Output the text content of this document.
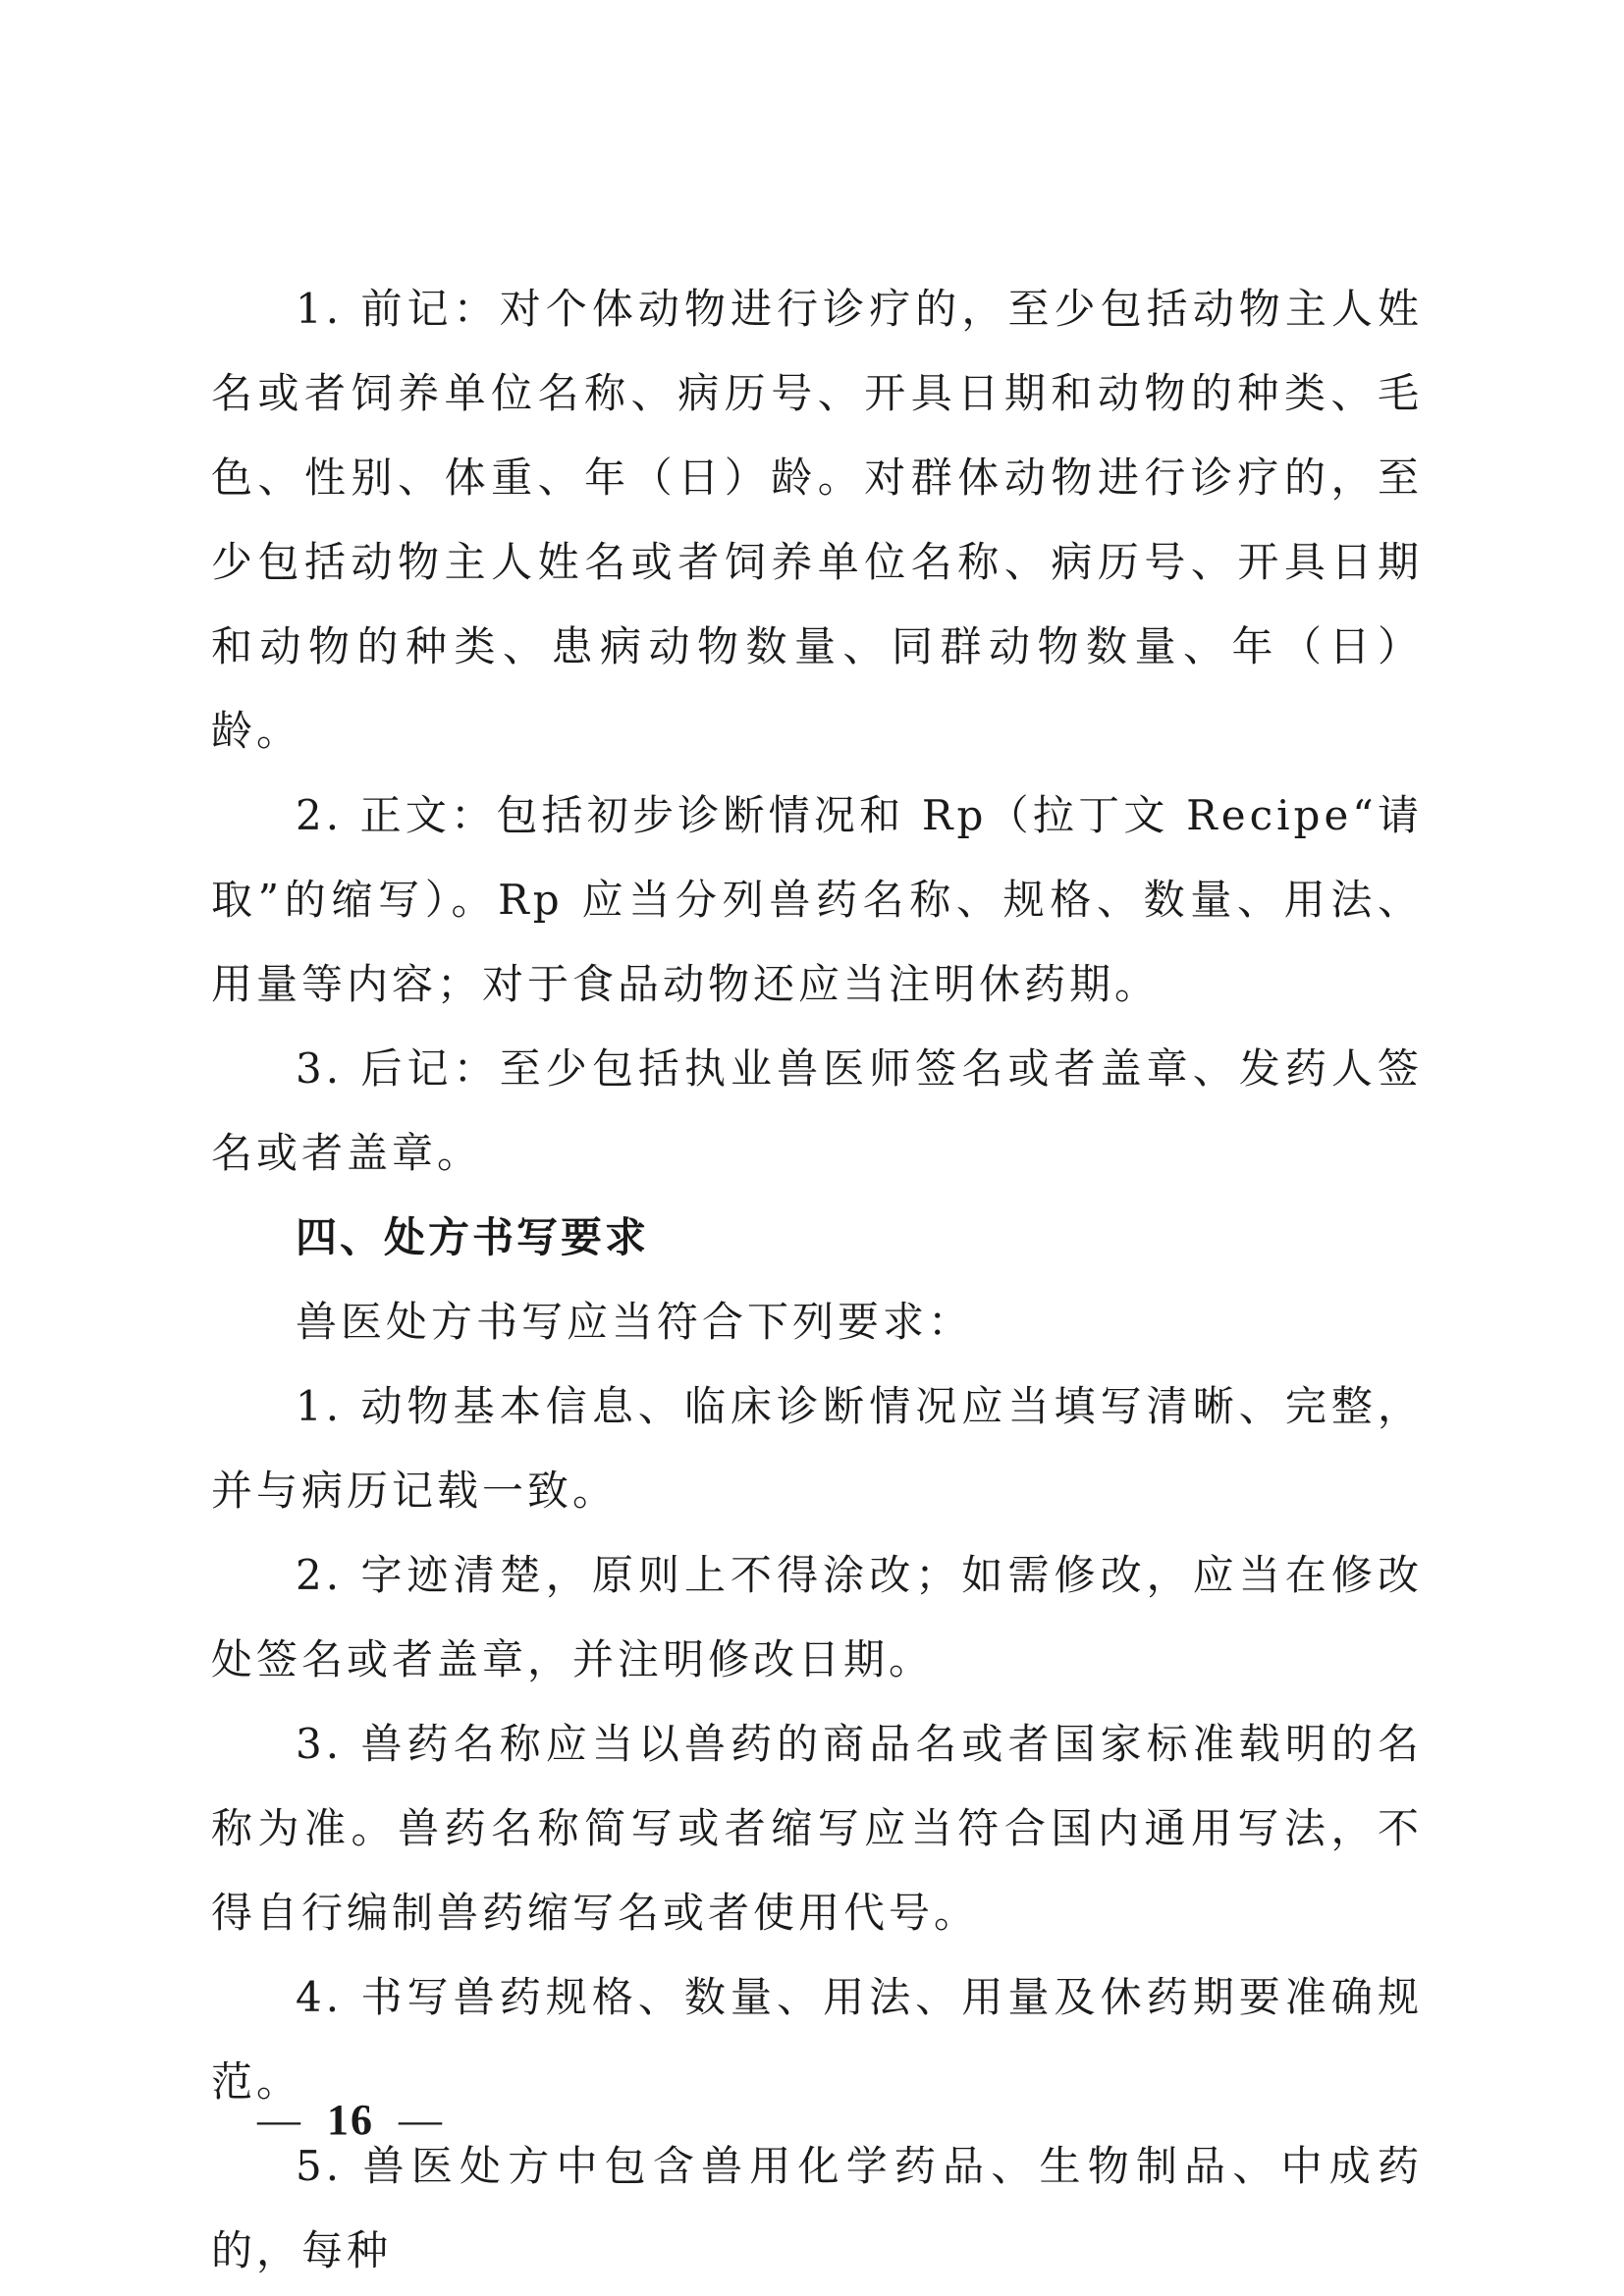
1. 前记：对个体动物进行诊疗的，至少包括动物主人姓名或者饲养单位名称、病历号、开具日期和动物的种类、毛色、性别、体重、年（日）龄。对群体动物进行诊疗的，至少包括动物主人姓名或者饲养单位名称、病历号、开具日期和动物的种类、患病动物数量、同群动物数量、年（日）龄。

2. 正文：包括初步诊断情况和 Rp（拉丁文 Recipe“请取”的缩写）。Rp 应当分列兽药名称、规格、数量、用法、用量等内容；对于食品动物还应当注明休药期。

3. 后记：至少包括执业兽医师签名或者盖章、发药人签名或者盖章。

四、处方书写要求

兽医处方书写应当符合下列要求：

1. 动物基本信息、临床诊断情况应当填写清晰、完整，并与病历记载一致。

2. 字迹清楚，原则上不得涂改；如需修改，应当在修改处签名或者盖章，并注明修改日期。

3. 兽药名称应当以兽药的商品名或者国家标准载明的名称为准。兽药名称简写或者缩写应当符合国内通用写法，不得自行编制兽药缩写名或者使用代号。

4. 书写兽药规格、数量、用法、用量及休药期要准确规范。

5. 兽医处方中包含兽用化学药品、生物制品、中成药的，每种

— 16 —
